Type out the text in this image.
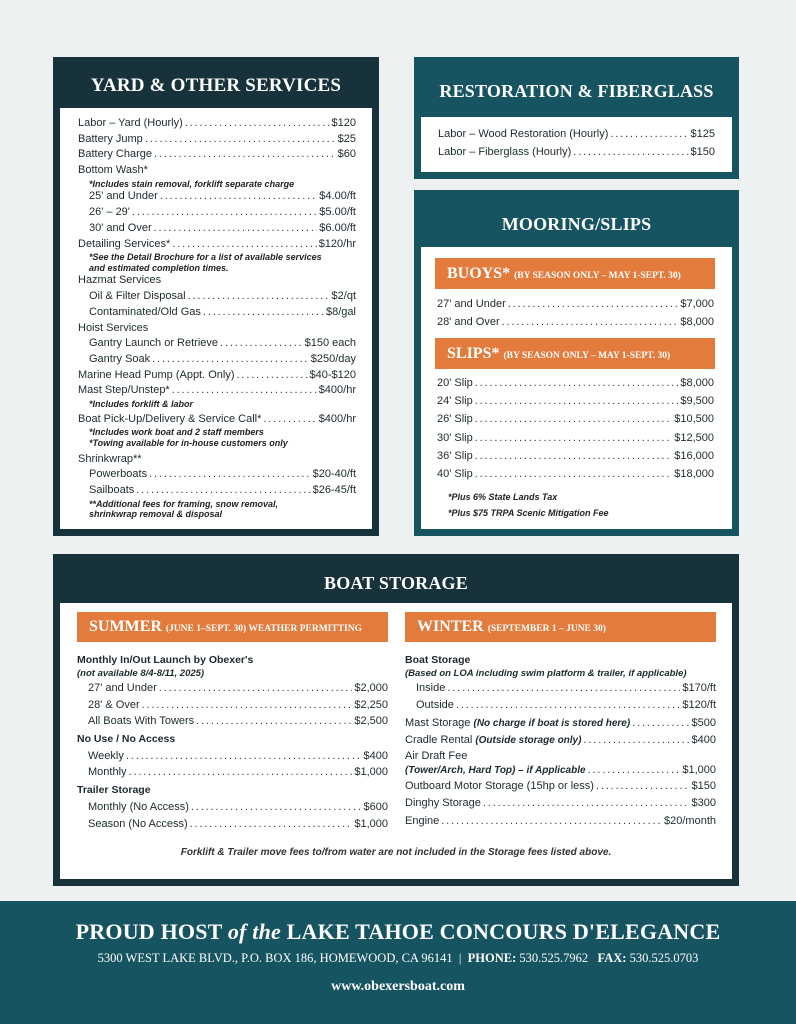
YARD & OTHER SERVICES
Labor – Yard (Hourly) . . .	$120
Battery Jump . . .	$25
Battery Charge . . .	$60
Bottom Wash*
*Includes stain removal, forklift separate charge
25' and Under . . .	$4.00/ft
26' – 29' . . .	$5.00/ft
30' and Over . . .	$6.00/ft
Detailing Services* . . .	$120/hr
*See the Detail Brochure for a list of available services
and estimated completion times.
Hazmat Services
Oil & Filter Disposal . . .	$2/qt
Contaminated/Old Gas . . .	$8/gal
Hoist Services
Gantry Launch or Retrieve . . .	$150 each
Gantry Soak . . .	$250/day
Marine Head Pump (Appt. Only) . . .	$40-$120
Mast Step/Unstep* . . .	$400/hr
*Includes forklift & labor
Boat Pick-Up/Delivery & Service Call* . . .	$400/hr
*Includes work boat and 2 staff members
*Towing available for in-house customers only
Shrinkwrap**
Powerboats . . .	$20-40/ft
Sailboats . . .	$26-45/ft
**Additional fees for framing, snow removal,
shrinkwrap removal & disposal
RESTORATION & FIBERGLASS
Labor – Wood Restoration (Hourly) . . .	$125
Labor – Fiberglass (Hourly) . . .	$150
MOORING/SLIPS
BUOYS* (BY SEASON ONLY – MAY 1-SEPT. 30)
27' and Under . . .	$7,000
28' and Over . . .	$8,000
SLIPS* (BY SEASON ONLY – MAY 1-SEPT. 30)
20' Slip . . .	$8,000
24' Slip . . .	$9,500
26' Slip . . .	$10,500
30' Slip . . .	$12,500
36' Slip . . .	$16,000
40' Slip . . .	$18,000
*Plus 6% State Lands Tax
*Plus $75 TRPA Scenic Mitigation Fee
BOAT STORAGE
SUMMER (JUNE 1–SEPT. 30) WEATHER PERMITTING
Monthly In/Out Launch by Obexer's
(not available 8/4-8/11, 2025)
27' and Under . . .	$2,000
28' & Over . . .	$2,250
All Boats With Towers . . .	$2,500
No Use / No Access
Weekly . . .	$400
Monthly . . .	$1,000
Trailer Storage
Monthly (No Access) . . .	$600
Season (No Access) . . .	$1,000
WINTER (SEPTEMBER 1 – JUNE 30)
Boat Storage
(Based on LOA including swim platform & trailer, if applicable)
Inside . . .	$170/ft
Outside . . .	$120/ft
Mast Storage (No charge if boat is stored here) . . .	$500
Cradle Rental (Outside storage only) . . .	$400
Air Draft Fee
(Tower/Arch, Hard Top) – if Applicable . . .	$1,000
Outboard Motor Storage (15hp or less) . . .	$150
Dinghy Storage . . .	$300
Engine . . .	$20/month
Forklift & Trailer move fees to/from water are not included in the Storage fees listed above.
PROUD HOST of the LAKE TAHOE CONCOURS D'ELEGANCE
5300 WEST LAKE BLVD., P.O. BOX 186, HOMEWOOD, CA 96141 | PHONE: 530.525.7962 FAX: 530.525.0703
www.obexersboat.com
